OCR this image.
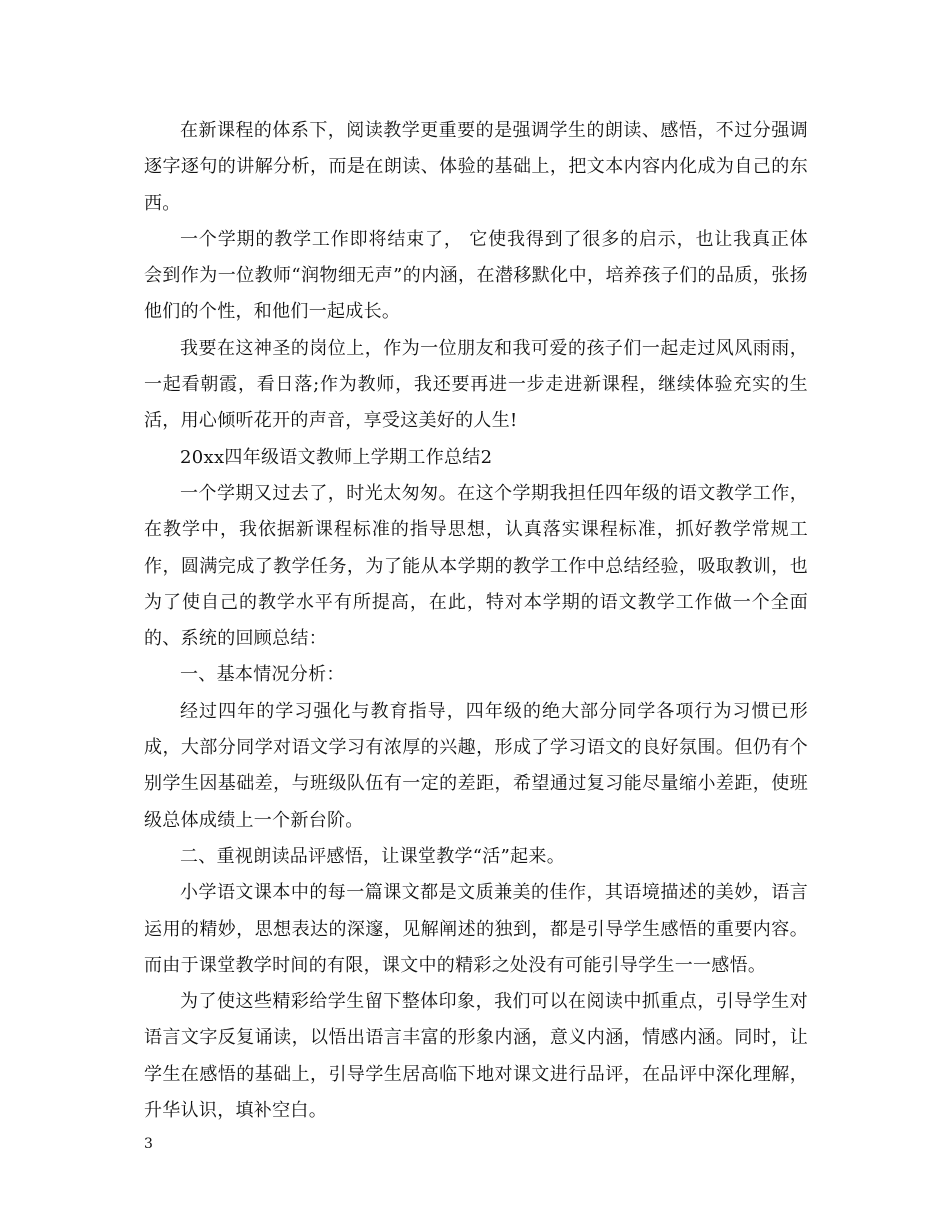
在新课程的体系下，阅读教学更重要的是强调学生的朗读、感悟，不过分强调逐字逐句的讲解分析，而是在朗读、体验的基础上，把文本内容内化成为自己的东西。

一个学期的教学工作即将结束了， 它使我得到了很多的启示，也让我真正体会到作为一位教师“润物细无声”的内涵，在潜移默化中，培养孩子们的品质，张扬他们的个性，和他们一起成长。

我要在这神圣的岗位上，作为一位朋友和我可爱的孩子们一起走过风风雨雨，一起看朝霞，看日落;作为教师，我还要再进一步走进新课程，继续体验充实的生活，用心倾听花开的声音，享受这美好的人生!

20xx四年级语文教师上学期工作总结2

一个学期又过去了，时光太匆匆。在这个学期我担任四年级的语文教学工作，在教学中，我依据新课程标准的指导思想，认真落实课程标准，抓好教学常规工作，圆满完成了教学任务，为了能从本学期的教学工作中总结经验，吸取教训，也为了使自己的教学水平有所提高，在此，特对本学期的语文教学工作做一个全面的、系统的回顾总结：

一、基本情况分析：

经过四年的学习强化与教育指导，四年级的绝大部分同学各项行为习惯已形成，大部分同学对语文学习有浓厚的兴趣，形成了学习语文的良好氛围。但仍有个别学生因基础差，与班级队伍有一定的差距，希望通过复习能尽量缩小差距，使班级总体成绩上一个新台阶。

二、重视朗读品评感悟，让课堂教学“活”起来。

小学语文课本中的每一篇课文都是文质兼美的佳作，其语境描述的美妙，语言运用的精妙，思想表达的深邃，见解阐述的独到，都是引导学生感悟的重要内容。而由于课堂教学时间的有限，课文中的精彩之处没有可能引导学生一一感悟。

为了使这些精彩给学生留下整体印象，我们可以在阅读中抓重点，引导学生对语言文字反复诵读，以悟出语言丰富的形象内涵，意义内涵，情感内涵。同时，让学生在感悟的基础上，引导学生居高临下地对课文进行品评，在品评中深化理解，升华认识，填补空白。

3
